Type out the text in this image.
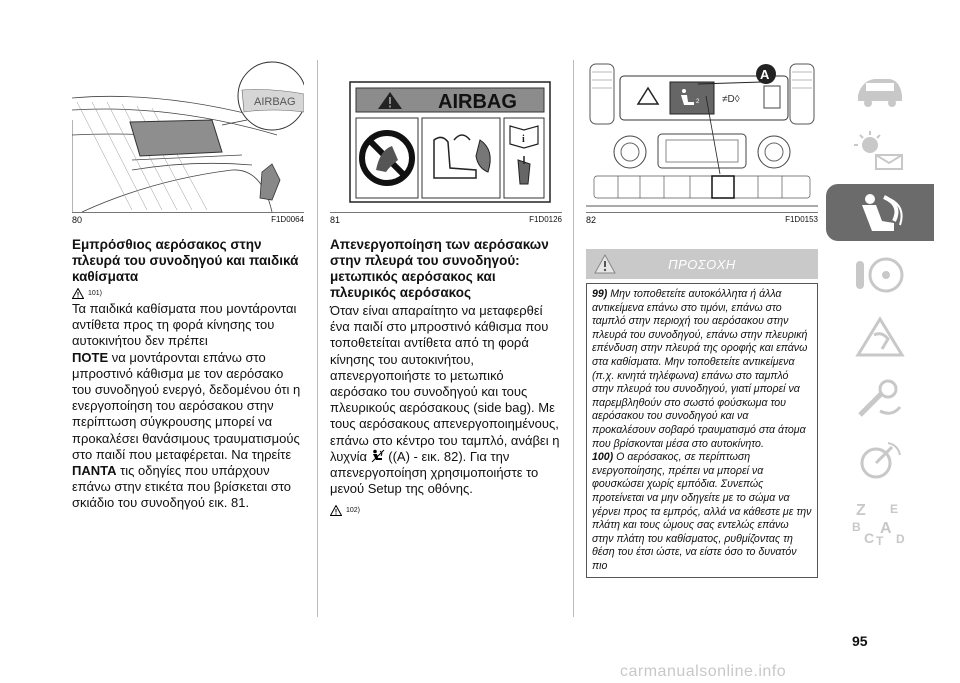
AIRBAG
80	F1D0064
Εμπρόσθιος αερόσακος στην πλευρά του συνοδηγού και παιδικά καθίσματα
101)

Τα παιδικά καθίσματα που μοντάρονται αντίθετα προς τη φορά κίνησης του αυτοκινήτου δεν πρέπει
ΠΟΤΕ να μοντάρονται επάνω στο μπροστινό κάθισμα με τον αερόσακο του συνοδηγού ενεργό, δεδομένου ότι η ενεργοποίηση του αερόσακου στην περίπτωση σύγκρουσης μπορεί να προκαλέσει θανάσιμους τραυματισμούς στο παιδί που μεταφέρεται. Να τηρείτε ΠΑΝΤΑ τις οδηγίες που υπάρχουν επάνω στην ετικέτα που βρίσκεται στο σκιάδιο του συνοδηγού εικ. 81.

AIRBAG
i
81	F1D0126
Απενεργοποίηση των αερόσακων στην πλευρά του συνοδηγού: μετωπικός αερόσακος και πλευρικός αερόσακος

Όταν είναι απαραίτητο να μεταφερθεί ένα παιδί στο μπροστινό κάθισμα που τοποθετείται αντίθετα από τη φορά κίνησης του αυτοκινήτου, απενεργοποιήστε το μετωπικό αερόσακο του συνοδηγού και τους πλευρικούς αερόσακους (side bag). Με τους αερόσακους απενεργοποιημένους, επάνω στο κέντρο του ταμπλό, ανάβει η λυχνία  ((A) - εικ. 82). Για την απενεργοποίηση χρησιμοποιήστε το μενού Setup της οθόνης.

102)
2 ≠D◊
A
82	F1D0153
ΠΡΟΣΟΧΗ
99) Μην τοποθετείτε αυτοκόλλητα ή άλλα αντικείμενα επάνω στο τιμόνι, επάνω στο ταμπλό στην περιοχή του αερόσακου στην πλευρά του συνοδηγού, επάνω στην πλευρική επένδυση στην πλευρά της οροφής και επάνω στα καθίσματα. Μην τοποθετείτε αντικείμενα (π.χ. κινητά τηλέφωνα) επάνω στο ταμπλό στην πλευρά του συνοδηγού, γιατί μπορεί να παρεμβληθούν στο σωστό φούσκωμα του αερόσακου του συνοδηγού και να προκαλέσουν σοβαρό τραυματισμό στα άτομα που βρίσκονται μέσα στο αυτοκίνητο.
100) Ο αερόσακος, σε περίπτωση ενεργοποίησης, πρέπει να μπορεί να φουσκώσει χωρίς εμπόδια. Συνεπώς προτείνεται να μην οδηγείτε με το σώμα να γέρνει προς τα εμπρός, αλλά να κάθεστε με την πλάτη και τους ώμους σας εντελώς επάνω στην πλάτη του καθίσματος, ρυθμίζοντας τη θέση του έτσι ώστε, να είστε όσο το δυνατόν πιο
Z E
B
C
A
T D
95
carmanualsonline.info
